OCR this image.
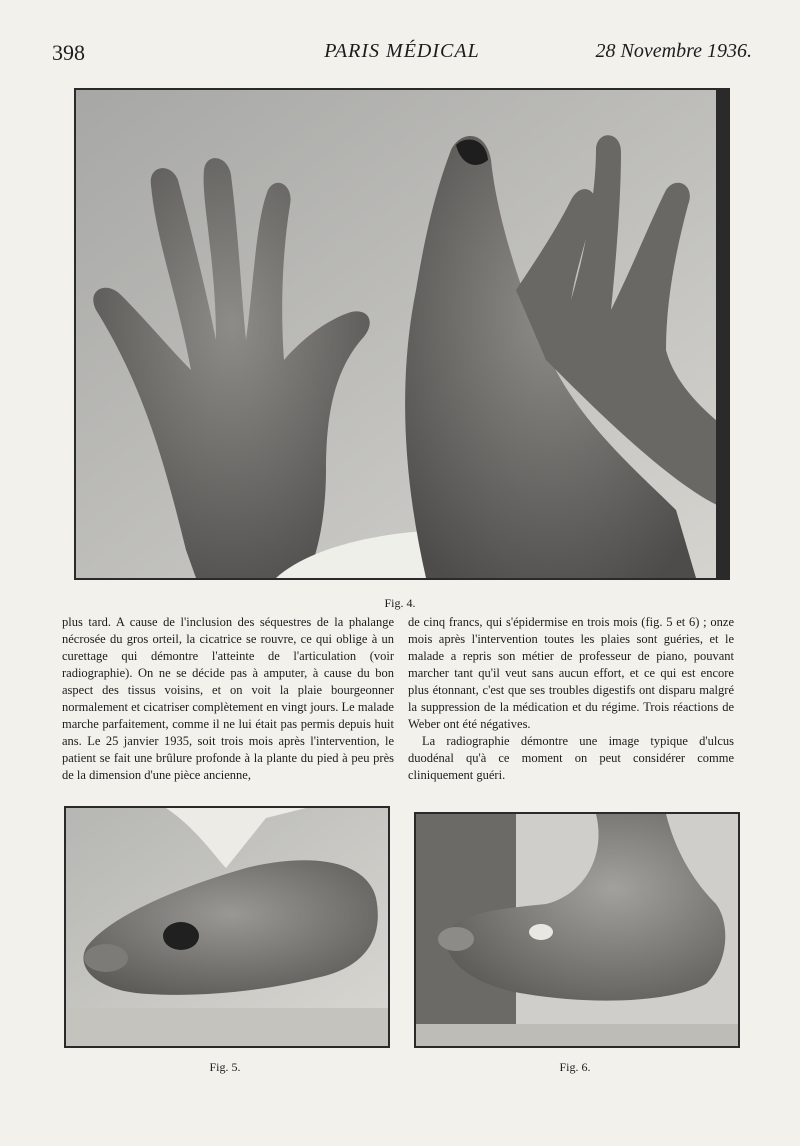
398	PARIS MÉDICAL	28 Novembre 1936.
Fig. 4.

plus tard. A cause de l'inclusion des séquestres de la phalange nécrosée du gros orteil, la cicatrice se rouvre, ce qui oblige à un curettage qui démontre l'atteinte de l'articulation (voir radiographie). On ne se décide pas à amputer, à cause du bon aspect des tissus voisins, et on voit la plaie bourgeonner normalement et cicatriser complètement en vingt jours. Le malade marche parfaitement, comme il ne lui était pas permis depuis huit ans. Le 25 janvier 1935, soit trois mois après l'intervention, le patient se fait une brûlure profonde à la plante du pied à peu près de la dimension d'une pièce ancienne,

de cinq francs, qui s'épidermise en trois mois (fig. 5 et 6) ; onze mois après l'intervention toutes les plaies sont guéries, et le malade a repris son métier de professeur de piano, pouvant marcher tant qu'il veut sans aucun effort, et ce qui est encore plus étonnant, c'est que ses troubles digestifs ont disparu malgré la suppression de la médication et du régime. Trois réactions de Weber ont été négatives.

La radiographie démontre une image typique d'ulcus duodénal qu'à ce moment on peut considérer comme cliniquement guéri.

Fig. 5.	Fig. 6.
